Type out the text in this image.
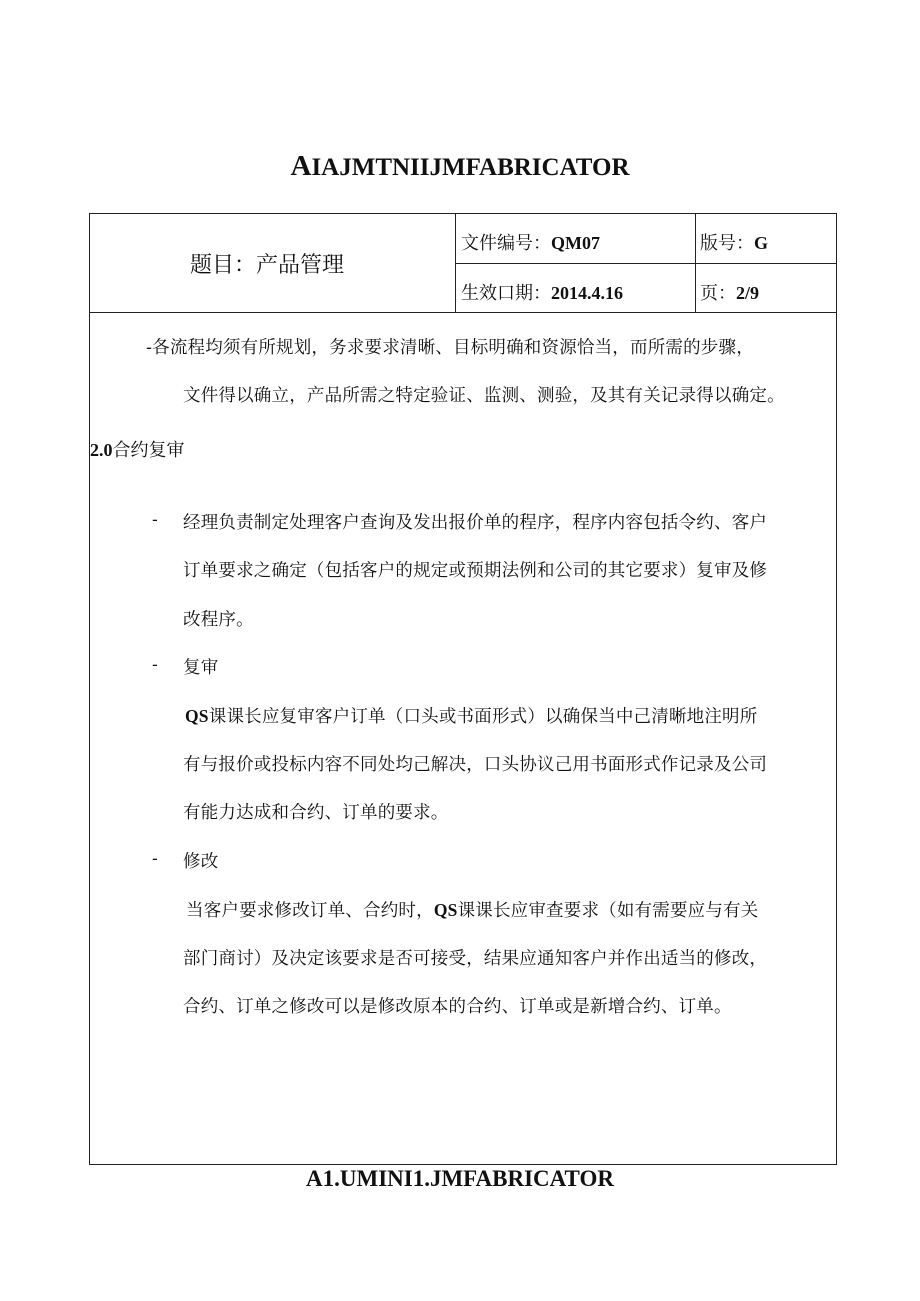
AIAJMTNIIJMFABRICATOR
题目：产品管理
文件编号：QM07	版号：G
生效口期：2014.4.16	页：2/9
-各流程均须有所规划，务求要求清晰、目标明确和资源恰当，而所需的步骤，
文件得以确立，产品所需之特定验证、监测、测验，及其有关记录得以确定。
2.0合约复审
- 经理负责制定处理客户查询及发出报价单的程序，程序内容包括令约、客户
订单要求之确定（包括客户的规定或预期法例和公司的其它要求）复审及修
改程序。
- 复审
QS课课长应复审客户订单（口头或书面形式）以确保当中己清晰地注明所
有与报价或投标内容不同处均己解决，口头协议己用书面形式作记录及公司
有能力达成和合约、订单的要求。
- 修改
当客户要求修改订单、合约时，QS课课长应审查要求（如有需要应与有关
部门商讨）及决定该要求是否可接受，结果应通知客户并作出适当的修改，
合约、订单之修改可以是修改原本的合约、订单或是新增合约、订单。
A1.UMINI1.JMFABRICATOR
